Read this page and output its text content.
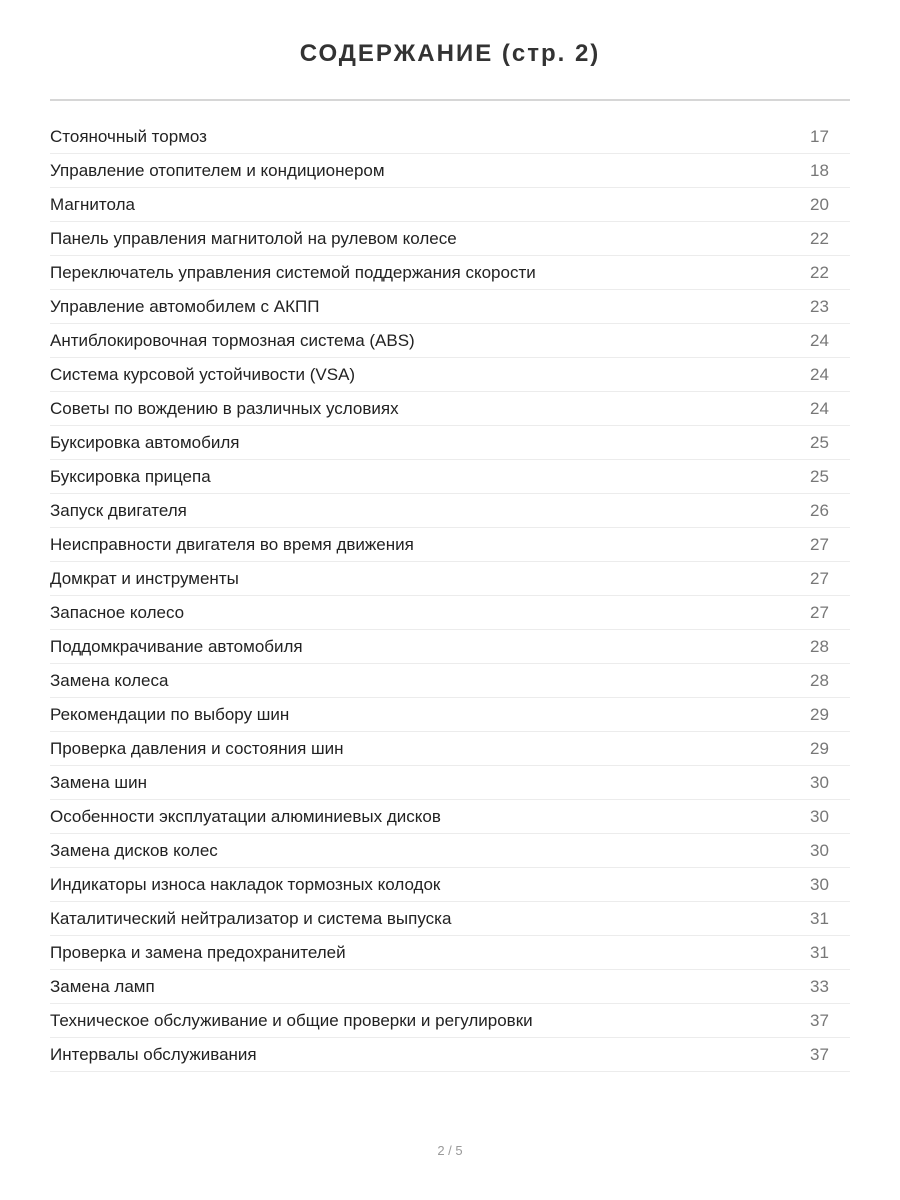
СОДЕРЖАНИЕ (стр. 2)
Стояночный тормоз	17
Управление отопителем и кондиционером	18
Магнитола	20
Панель управления магнитолой на рулевом колесе	22
Переключатель управления системой поддержания скорости	22
Управление автомобилем с АКПП	23
Антиблокировочная тормозная система (ABS)	24
Система курсовой устойчивости (VSA)	24
Советы по вождению в различных условиях	24
Буксировка автомобиля	25
Буксировка прицепа	25
Запуск двигателя	26
Неисправности двигателя во время движения	27
Домкрат и инструменты	27
Запасное колесо	27
Поддомкрачивание автомобиля	28
Замена колеса	28
Рекомендации по выбору шин	29
Проверка давления и состояния шин	29
Замена шин	30
Особенности эксплуатации алюминиевых дисков	30
Замена дисков колес	30
Индикаторы износа накладок тормозных колодок	30
Каталитический нейтрализатор и система выпуска	31
Проверка и замена предохранителей	31
Замена ламп	33
Техническое обслуживание и общие проверки и регулировки	37
Интервалы обслуживания	37
2 / 5
